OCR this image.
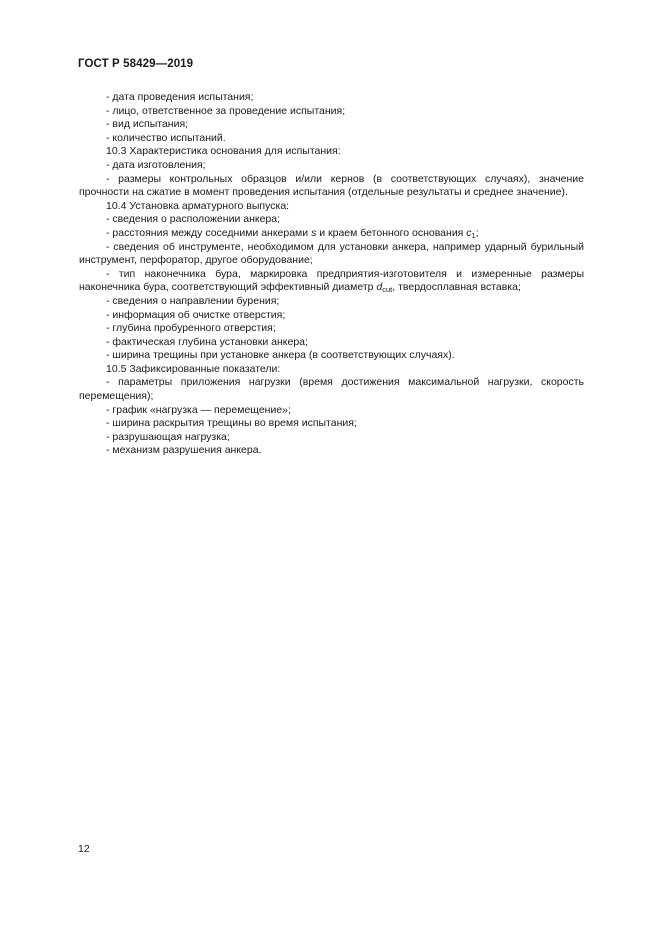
ГОСТ Р 58429—2019

- дата проведения испытания;

- лицо, ответственное за проведение испытания;

- вид испытания;

- количество испытаний.

10.3 Характеристика основания для испытания:

- дата изготовления;

- размеры контрольных образцов и/или кернов (в соответствующих случаях), значение прочности на сжатие в момент проведения испытания (отдельные результаты и среднее значение).

10.4 Установка арматурного выпуска:

- сведения о расположении анкера;

- расстояния между соседними анкерами s и краем бетонного основания $c_1$;

- сведения об инструменте, необходимом для установки анкера, например ударный бурильный инструмент, перфоратор, другое оборудование;

- тип наконечника бура, маркировка предприятия-изготовителя и измеренные размеры наконечника бура, соответствующий эффективный диаметр $d_{cut}$, твердосплавная вставка;

- сведения о направлении бурения;

- информация об очистке отверстия;

- глубина пробуренного отверстия;

- фактическая глубина установки анкера;

- ширина трещины при установке анкера (в соответствующих случаях).

10.5 Зафиксированные показатели:

- параметры приложения нагрузки (время достижения максимальной нагрузки, скорость перемещения);

- график «нагрузка — перемещение»;

- ширина раскрытия трещины во время испытания;

- разрушающая нагрузка;

- механизм разрушения анкера.

12
